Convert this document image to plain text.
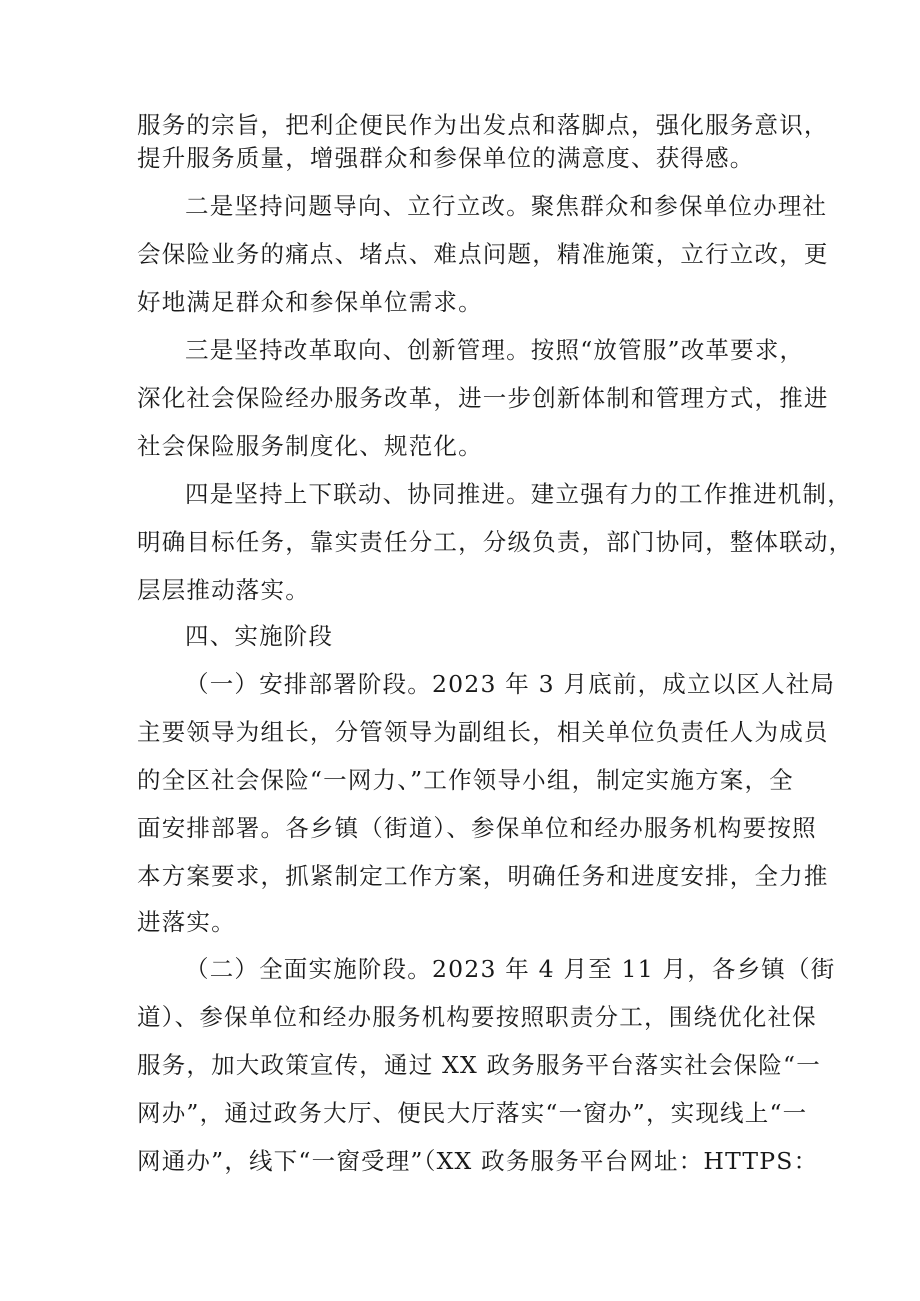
服务的宗旨，把利企便民作为出发点和落脚点，强化服务意识，
提升服务质量，增强群众和参保单位的满意度、获得感。
二是坚持问题导向、立行立改。聚焦群众和参保单位办理社
会保险业务的痛点、堵点、难点问题，精准施策，立行立改，更
好地满足群众和参保单位需求。
三是坚持改革取向、创新管理。按照“放管服”改革要求，
深化社会保险经办服务改革，进一步创新体制和管理方式，推进
社会保险服务制度化、规范化。
四是坚持上下联动、协同推进。建立强有力的工作推进机制，
明确目标任务，靠实责任分工，分级负责，部门协同，整体联动，
层层推动落实。
四、实施阶段
（一）安排部署阶段。2023 年 3 月底前，成立以区人社局
主要领导为组长，分管领导为副组长，相关单位负责任人为成员
的全区社会保险“一网力、”工作领导小组，制定实施方案，全
面安排部署。各乡镇（街道）、参保单位和经办服务机构要按照
本方案要求，抓紧制定工作方案，明确任务和进度安排，全力推
进落实。
（二）全面实施阶段。2023 年 4 月至 11 月，各乡镇（街
道）、参保单位和经办服务机构要按照职责分工，围绕优化社保
服务，加大政策宣传，通过 XX 政务服务平台落实社会保险“一
网办”，通过政务大厅、便民大厅落实“一窗办”，实现线上“一
网通办”，线下“一窗受理”（XX 政务服务平台网址：HTTPS：
